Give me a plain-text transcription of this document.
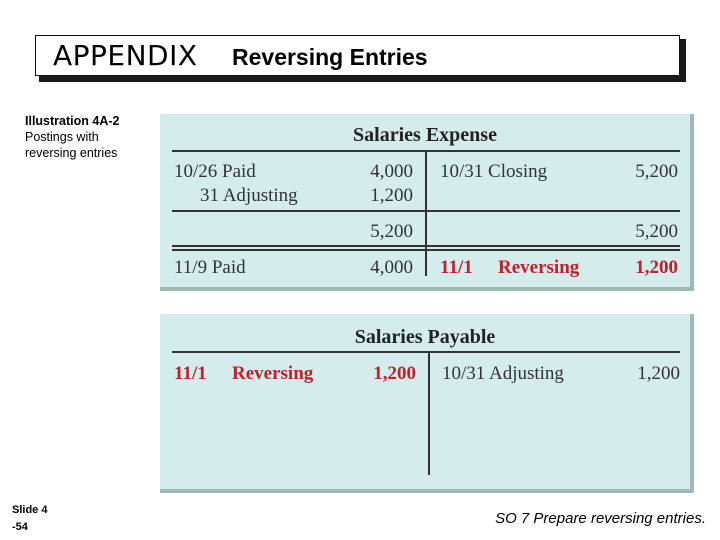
APPENDIX Reversing Entries
Illustration 4A-2
Postings with reversing entries
Salaries Expense
10/26 Paid	4,000 10/31 Closing	5,200
31 Adjusting	1,200
5,200	5,200
11/9 Paid	4,000 11/1 Reversing	1,200
Salaries Payable
11/1 Reversing	1,200 10/31 Adjusting	1,200
Slide 4
-54	SO 7 Prepare reversing entries.
